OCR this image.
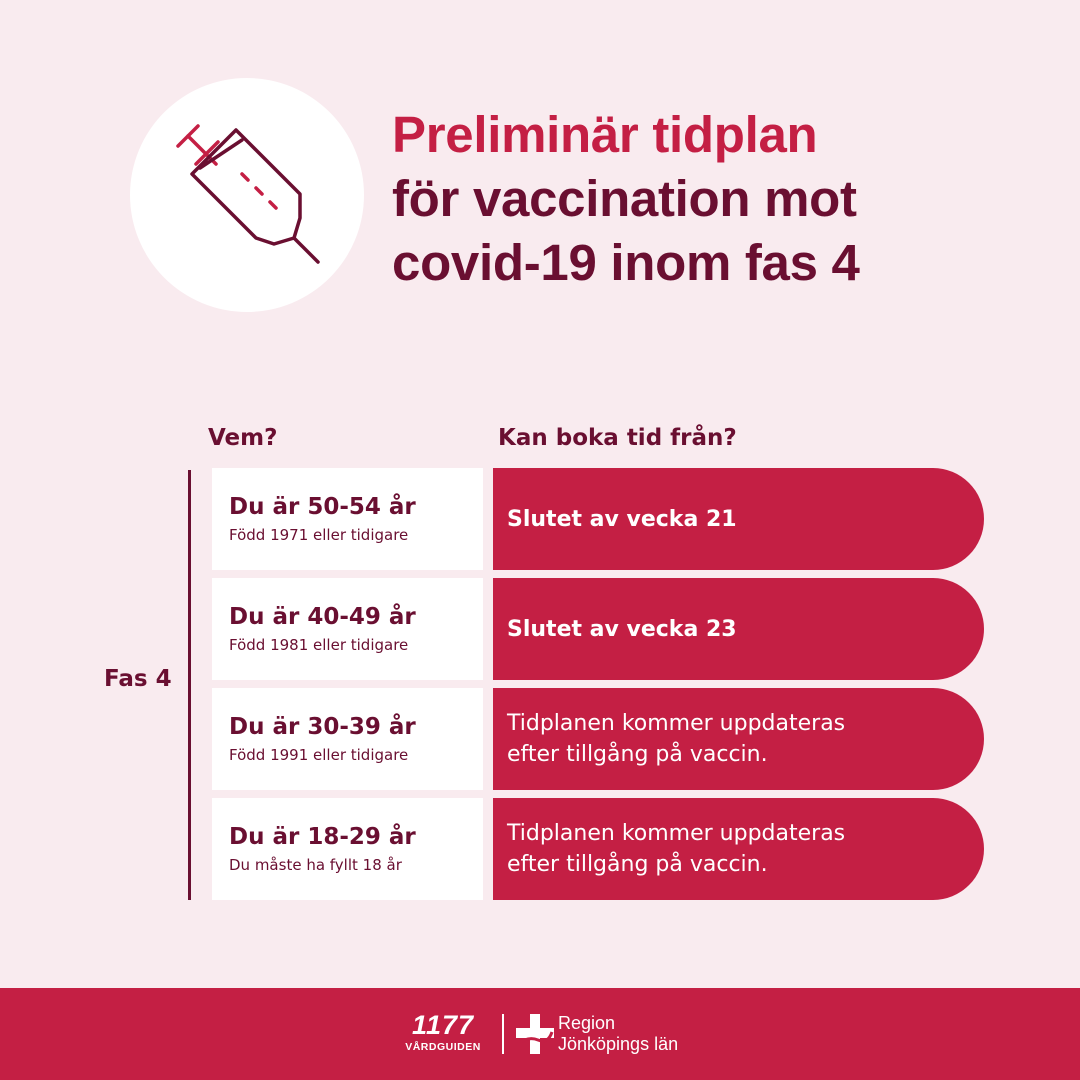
Preliminär tidplan
för vaccination mot
covid-19 inom fas 4
Vem?	Kan boka tid från?
Fas 4
Du är 50-54 år
Född 1971 eller tidigare
Slutet av vecka 21
Du är 40-49 år
Född 1981 eller tidigare
Slutet av vecka 23
Du är 30-39 år
Född 1991 eller tidigare
Tidplanen kommer uppdateras
efter tillgång på vaccin.
Du är 18-29 år
Du måste ha fyllt 18 år
Tidplanen kommer uppdateras
efter tillgång på vaccin.
1177
VÅRDGUIDEN
Region
Jönköpings län
